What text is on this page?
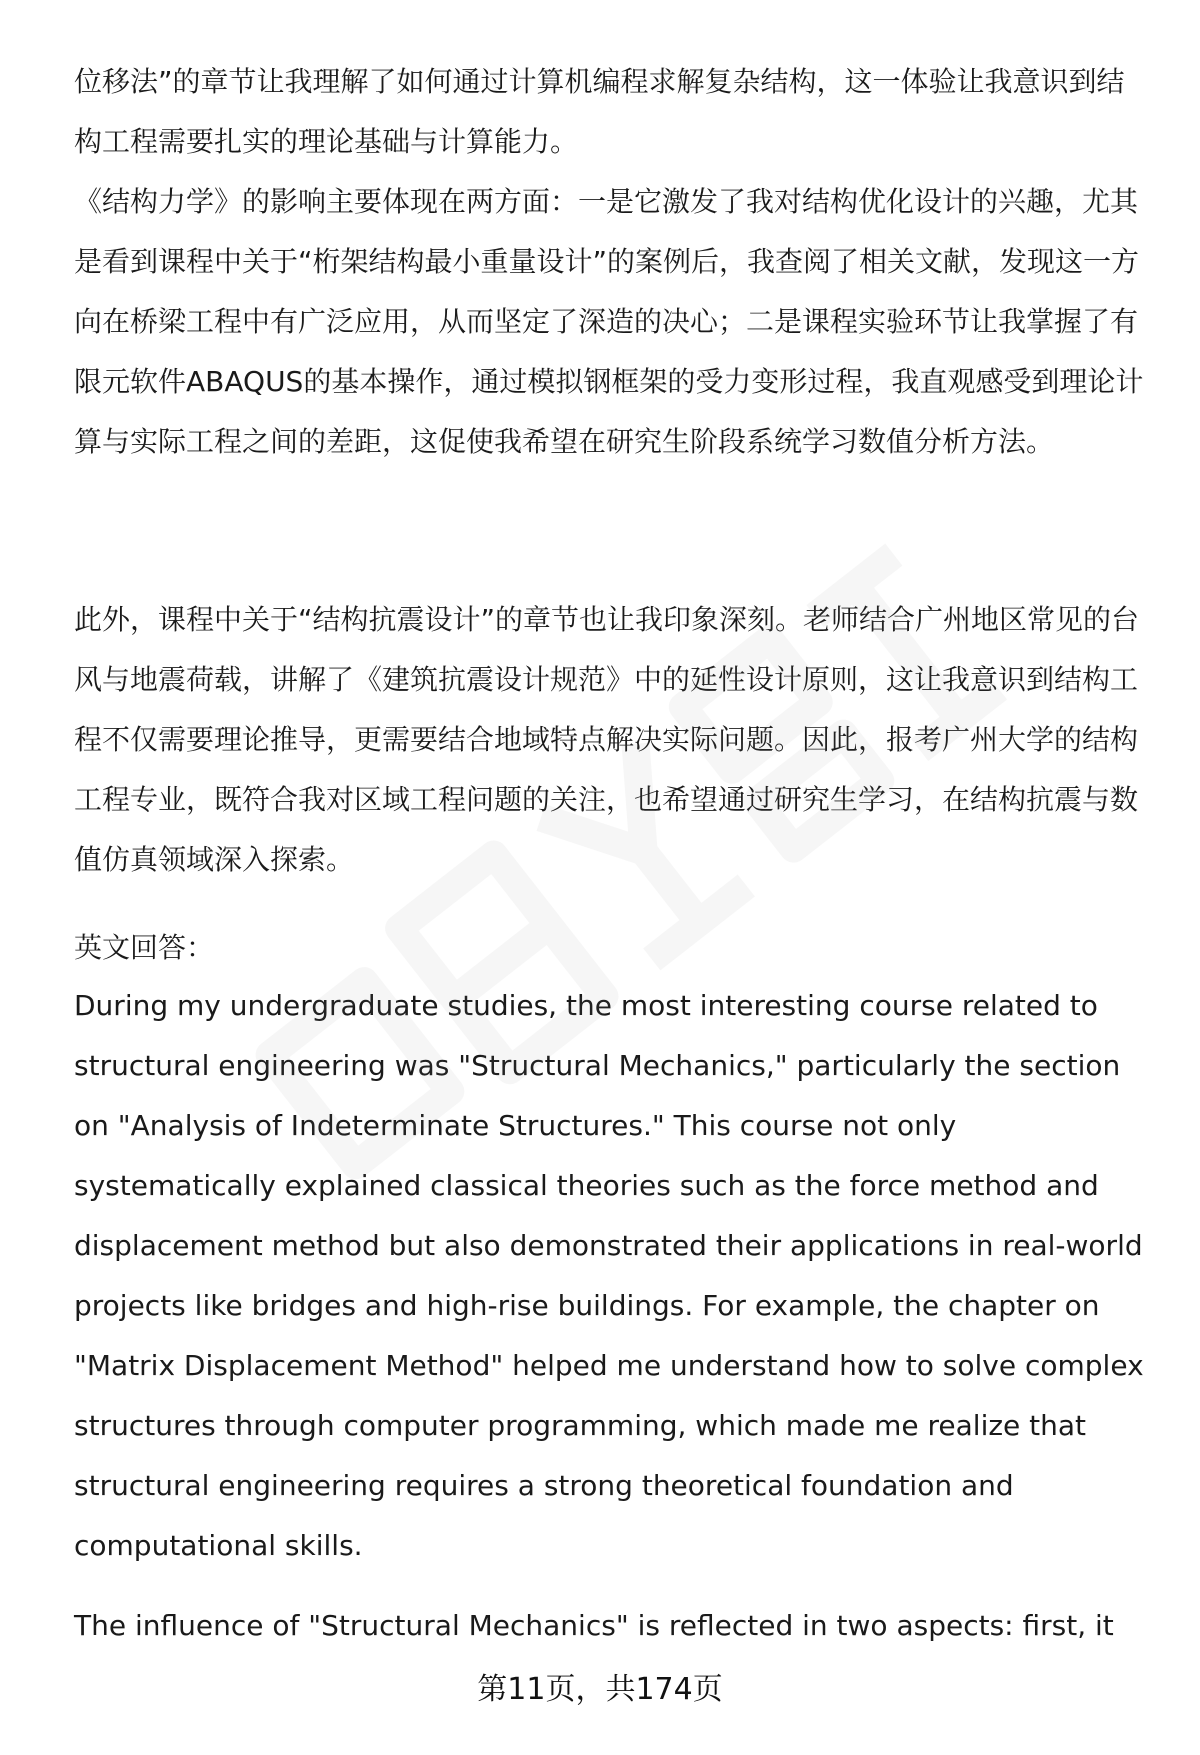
位移法”的章节让我理解了如何通过计算机编程求解复杂结构，这一体验让我意识到结构工程需要扎实的理论基础与计算能力。

《结构力学》的影响主要体现在两方面：一是它激发了我对结构优化设计的兴趣，尤其是看到课程中关于“桁架结构最小重量设计”的案例后，我查阅了相关文献，发现这一方向在桥梁工程中有广泛应用，从而坚定了深造的决心；二是课程实验环节让我掌握了有限元软件ABAQUS的基本操作，通过模拟钢框架的受力变形过程，我直观感受到理论计算与实际工程之间的差距，这促使我希望在研究生阶段系统学习数值分析方法。

此外，课程中关于“结构抗震设计”的章节也让我印象深刻。老师结合广州地区常见的台风与地震荷载，讲解了《建筑抗震设计规范》中的延性设计原则，这让我意识到结构工程不仅需要理论推导，更需要结合地域特点解决实际问题。因此，报考广州大学的结构工程专业，既符合我对区域工程问题的关注，也希望通过研究生学习，在结构抗震与数值仿真领域深入探索。

英文回答：

During my undergraduate studies, the most interesting course related to structural engineering was "Structural Mechanics," particularly the section on "Analysis of Indeterminate Structures." This course not only systematically explained classical theories such as the force method and displacement method but also demonstrated their applications in real-world projects like bridges and high-rise buildings. For example, the chapter on "Matrix Displacement Method" helped me understand how to solve complex structures through computer programming, which made me realize that structural engineering requires a strong theoretical foundation and computational skills.

The influence of "Structural Mechanics" is reflected in two aspects: first, it

第11页，共174页
